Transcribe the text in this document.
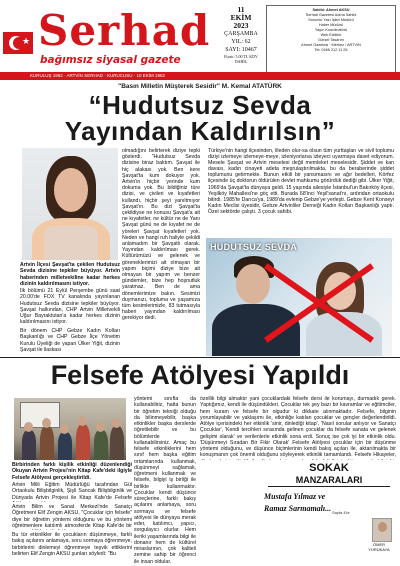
★ Serhad
bağımsız siyasal gazete
11
EKİM
2023
ÇARŞAMBA
YIL: 62
SAYI: 10467
Fiyatı: 5.00 TL KDV DAHİL
Sahibi: Ahmet AKSU
Serhad Gazetesi Adına Sahibi
Sorumlu Yazı İşleri Müdürü
Haber Müdürü
Yayın Koordinatörü
Web Editörü
Görsel Tasarım
Ahmet Gazetesi · Merkez / ARTVİN
Tel: 0466 212 11 26
KURULUŞ 1962 · ARTVİN SERHAD · KURUCUSU · 10 EKİM 1962
"Basın Milletin Müşterek Sesidir" M. Kemal ATATÜRK
“Hudutsuz Sevda
Yayından Kaldırılsın”
Artvin İlçesi Şavşat'ta çekilen Hudutsuz Sevda dizisine tepkiler büyüyor. Artvin haberinden milletvekiline kadar herkes dizinin kaldırılmasını istiyor.
İlk bölümü 21 Eylül Perşembe günü saat 20.00'de FOX TV kanalında yayınlanan Hudutsuz Sevda dizisine tepkiler büyüyor. Şavşat halkından, CHP Artvin Milletvekili Uğur Bayraktutan'a kadar herkes dizinin kaldırılmasını istiyor.
Bir dönem CHP Gebze Kadın Kolları Başkanlığı ve CHP Gebze İlçe Yönetim Kurulu Üyeliği de yapan Ülker Yiğit, dizinin Şavşat ile ilaskası
olmadığını belirterek diziye tepki gösterdi. "Hudutsuz Sevda dizisine biraz baktım. Şavşat ile hiç alakası yok. Ben kere Şavşat'ta kum dokuyor yok. Artvin'in hiçbir yerinde kum dokuma yok. Bu bildiğiniz türe dizisi, ve çivileri ve kıyafetleri kullandı, hiçbir şeyi yanıltmıyor Şavşat'ın. Bu dizi Şavşat'ta çekildiyse ne konusu Şavşat'a ait ne kıyafetler, ne kültür ne de Yanı Şavşat günü ne de kıyafet ne de yöreleri Şavşat kıyafetleri yok. Neden ve hangi ruh haliyle çekildi anlamadım bir Şavşatlı olarak. Yayından kaldırılması gerek. Kültürümüzü ve gelenek ve göreneklerimizi ait olmayan bir yapım biçimi diziye bize ait olmayan bir yapım ve benzer gündemler, bize hep hoşnutluk yaratmaz. Ben de ama dönemlerimize bakın. Sesimizi duymanızı, topluma ve yaşamıza tüm kesimlerimizle, 83 tutmasıyla haberi yayından kaldırılması gerekiyor dedi.
Türkiye'nin hangi ilçesinden, illeden olur-sa olsun tüm yurttaşları ve sivil toplumu diziyi izlemeye izlemeye-meye, izleniyorlarsa izleyeci uyarmaya davet ediyorum. Mesele Şavşat ve Artvin meselesi değil memleket meselesidir. Şiddet ve kan davası, kadın cinayeti adeta meşrulaştırılmakta, bu da beraberinde şiddet toplumunu getirmekte. Bunun etkili bir yansımasını ve ağır bedelleri, Körfez ilçesinde üç doktorun öldürülen devlet mahkumu görürdük dediği gibi. Ülker Yiğit, 1969'da Şavşat'ta dünyaya geldi. 15 yaşında ailesiyle İstanbul'un Bakırköy ilçesi, Yeşilköy Mahallesi'ne göç etti. Burada 68'inci Yeşil'sanat'nı, ardından ortaokulu bitirdi. 1985'te Darıca'ya, 1989'da evlenip Gebze'ye yerleşti. Gebze Kent Konseyi Kadın Meclisi üyesidir, Gebze Artvinliler Derneği Kadın Kolları Başkanlığı yaptı. Özel sektörde çalıştı. 3 çocuk sahibi.
HUDUTSUZ SEVDA
Felsefe Atölyesi Yapıldı
Birbirinden farklı kişilik etkinliği düzenlendiği Okuyan Artvin Projesi'nin Kitap Kafe'deki ilgiyle Felsefe Atölyesi gerçekleştirildi.
Artvin Milli Eğitim Müdürlüğü tarafından Gül Ortaokulu Bilişbilginlik, Şişli Sancak Bilişbilginlik ve Dünyada Artvin Projesi ile Kitap Kafe'de Felsefe
Artvin Bilim ve Sanat Merkezi'nde Sanatçı Öğretmeni Elif Zengin AKSU, "Çocuklar için felsefe" diye bir öğretim yöntemi olduğunu ve bu yöntemi öğretmenlere katılımlı atmosferde Kitap Kafe'de bir
Bu tür etkinlikler ile çocukların düşünmeye, farklı bakış açılarını anlamaya, soru sormaya öğrenmeye, birbirlerini dinlemeyi öğrenmeye teşvik ettiklerini belirten Elif Zengin AKSU şunları söyledi: "Bu
yöntemi sınıfta da kullanabiliriz, hatta bunun bir öğretim tekniği olduğu da bilinmeyebilir, başka etkinlikler başka derslerde öğretilebilir ve bu bölümlerde kullanabilirsiniz. Amaç bu felsefe etkinliklerini hem sınıf hem başka eğitim ortamlarında kullanmak, düşünmeyi sağlamak, öğretmeni kullanmak ve felsefe, bilgiyi iş birliği ile birlikte kullanmaktır. Çocuklar kendi düşünce süreçlerine, farklı bakış açılarını anlamaya, soru sormaya ve felsefe atölyesi ile dünyaya merak eder, katılımcı, yapıcı, sorgulayıcı olurlar. Hem ileriki yaşamlarında bilgi ile donanır hem de kültürel miraslarının, çok kaliteli zemine sahip bir öğrenci ile insan oldular.
özellik bilgi almaktır yani çocuklardaki felsefe dersi ile korumayı, durmadık gerek. Yaptığımız, kendi ile düşündükleri. Çocuklar tek şey bazı bir kavramlar ve eğitimciler, hem kuram ve felsefe bir olgudur ki dikkate alınmaktadır. Felsefe, bilginin yorumlayabilir ve yaklaşımı ile, etkinliğe katılan çocuklar ve gençler değerlendirildi. Atölye içerisindeki her etkinlik 'sinir, dinlediği kitap', 'Nasıl sorular anlıyor ve Sanatçı Çocuklar', 'Kendi tercihleri sırasında gelinen çocuklar da felsefe sanata ve gelenek gelişimi olarak' ve verilenlerle etkinlik sona erdi. Sonuç ise çok iyi bir etkinlik oldu. 'Düşünmeyi Sıradan Bir Fikir Olarak' Felsefe Atölyesi çocuklar için bir düşünme yöntemi olduğunu, ve düşünce biçimlerinin kendi bakış açıları ile, aktarılmakta bir konuşmanın çok önemli olduğunu söyleyerek etkinlik tamamlandı. Felsefe Hikayeler,
SOKAK
MANZARALARI
Mustafa Yılmaz ve
Ramaz Sarmamalı... Sayfa 4'te
ÖMER YÜRÜKAYA
